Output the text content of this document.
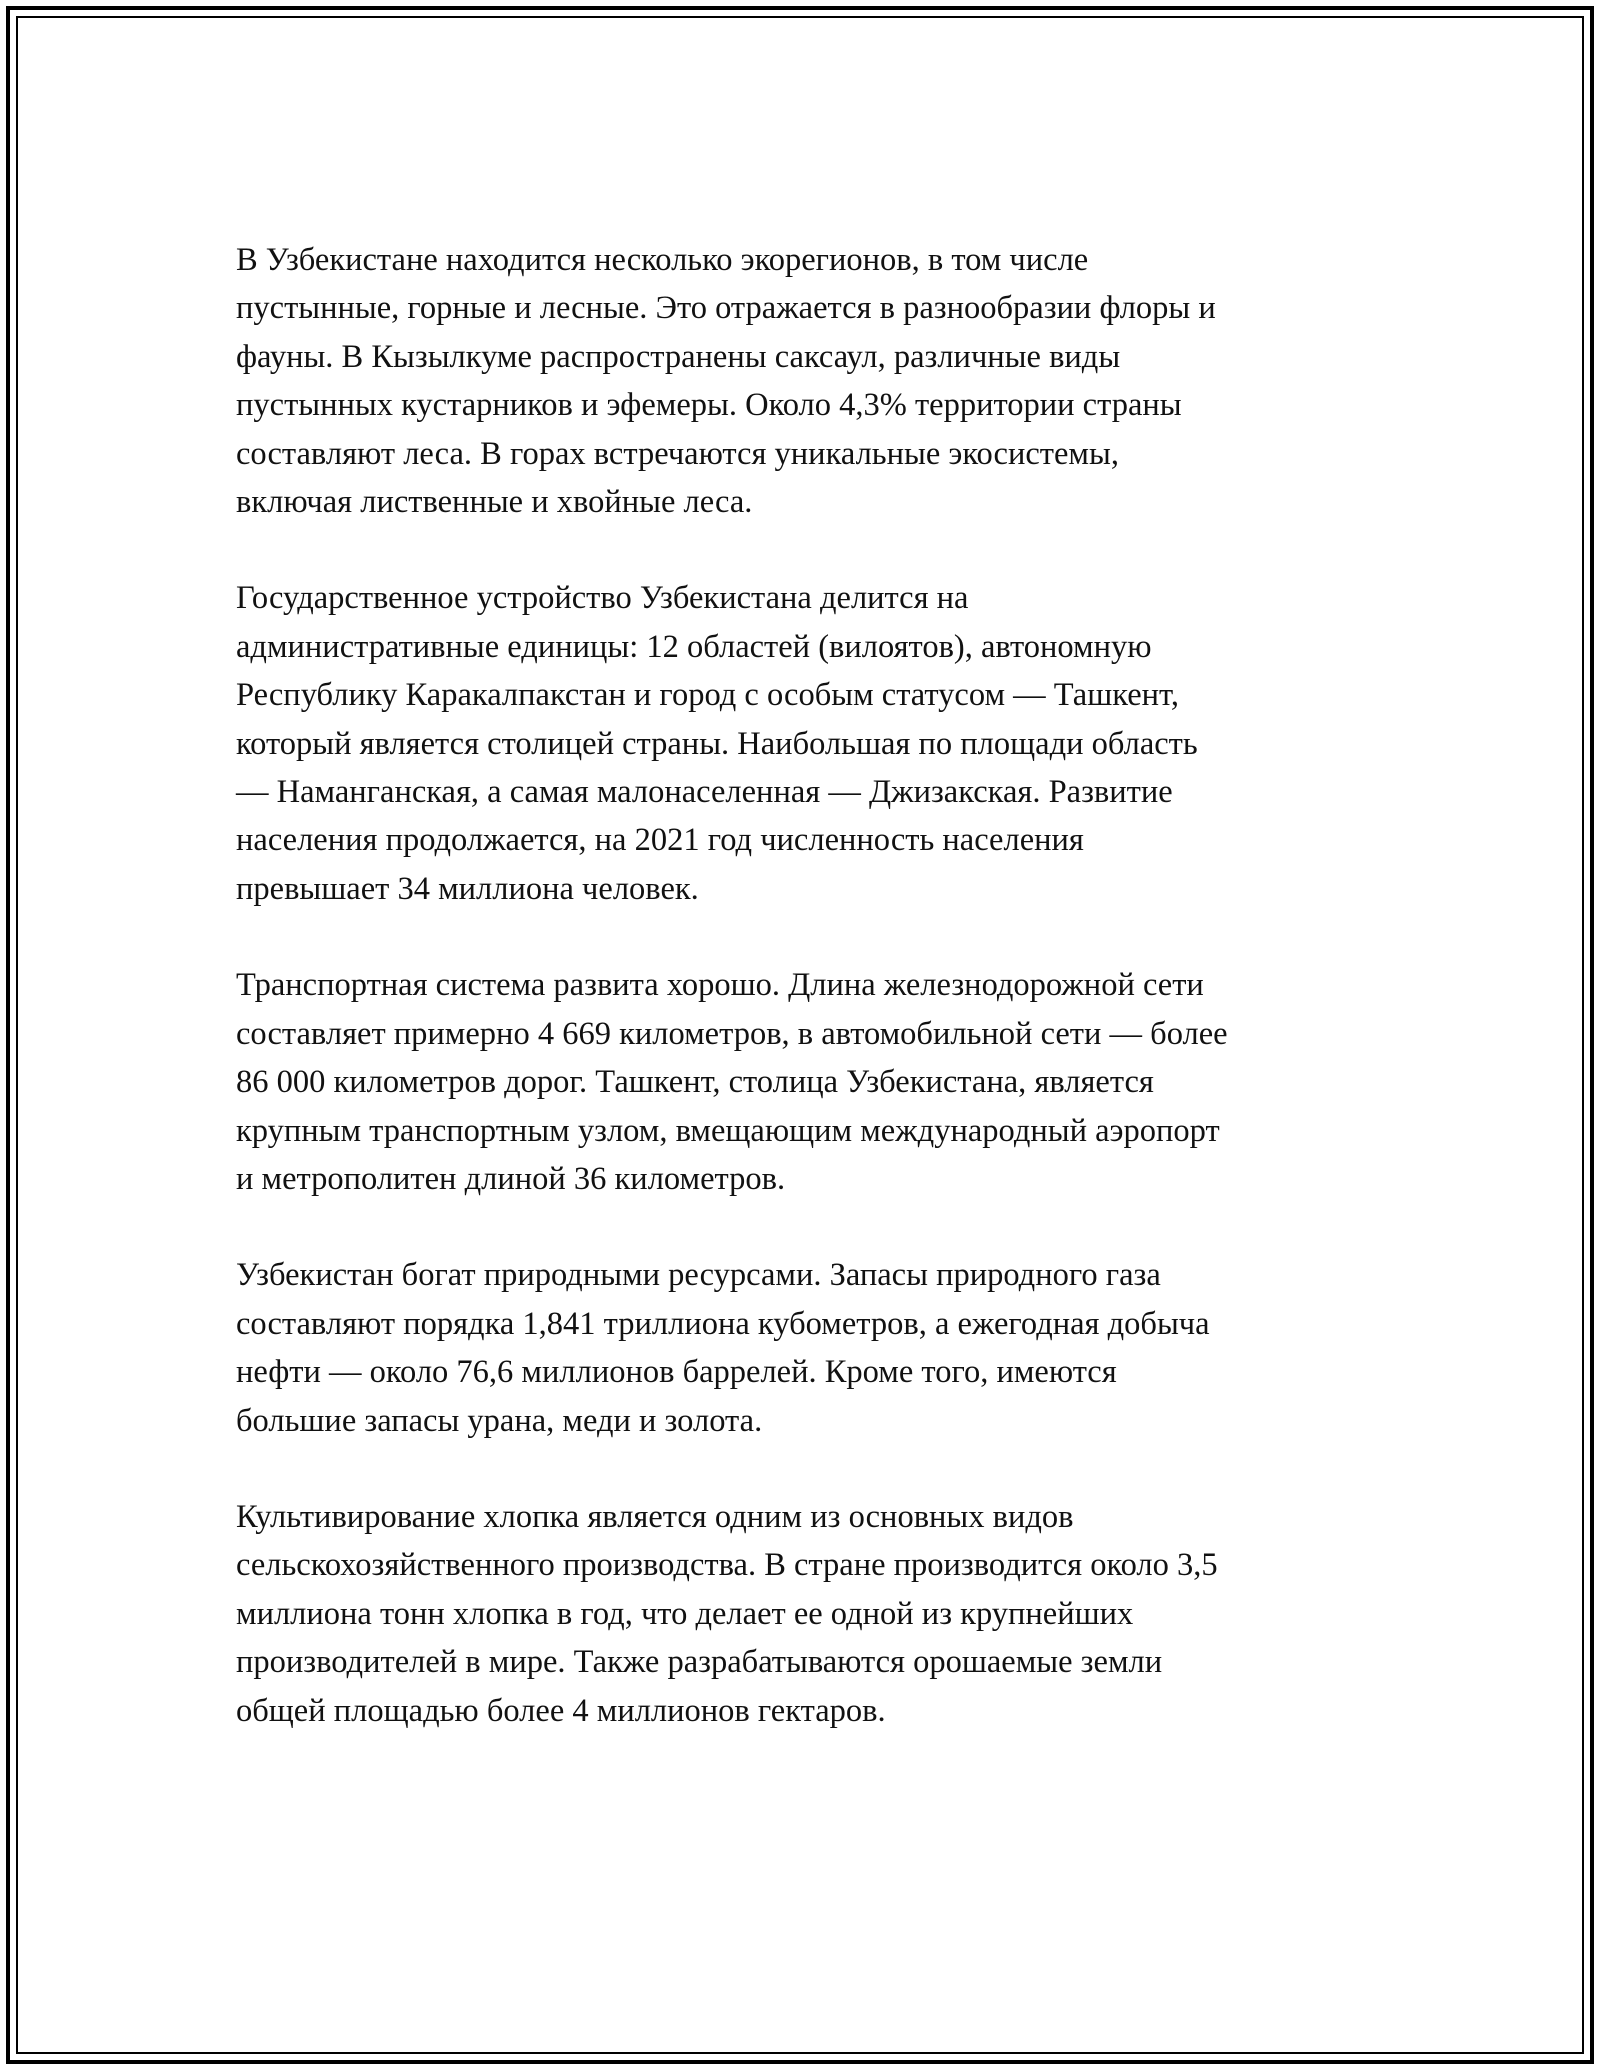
В Узбекистане находится несколько экорегионов, в том числе
пустынные, горные и лесные. Это отражается в разнообразии флоры и
фауны. В Кызылкуме распространены саксаул, различные виды
пустынных кустарников и эфемеры. Около 4,3% территории страны
составляют леса. В горах встречаются уникальные экосистемы,
включая лиственные и хвойные леса.

Государственное устройство Узбекистана делится на
административные единицы: 12 областей (вилоятов), автономную
Республику Каракалпакстан и город с особым статусом — Ташкент,
который является столицей страны. Наибольшая по площади область
— Наманганская, а самая малонаселенная — Джизакская. Развитие
населения продолжается, на 2021 год численность населения
превышает 34 миллиона человек.

Транспортная система развита хорошо. Длина железнодорожной сети
составляет примерно 4 669 километров, в автомобильной сети — более
86 000 километров дорог. Ташкент, столица Узбекистана, является
крупным транспортным узлом, вмещающим международный аэропорт
и метрополитен длиной 36 километров.

Узбекистан богат природными ресурсами. Запасы природного газа
составляют порядка 1,841 триллиона кубометров, а ежегодная добыча
нефти — около 76,6 миллионов баррелей. Кроме того, имеются
большие запасы урана, меди и золота.

Культивирование хлопка является одним из основных видов
сельскохозяйственного производства. В стране производится около 3,5
миллиона тонн хлопка в год, что делает ее одной из крупнейших
производителей в мире. Также разрабатываются орошаемые земли
общей площадью более 4 миллионов гектаров.
